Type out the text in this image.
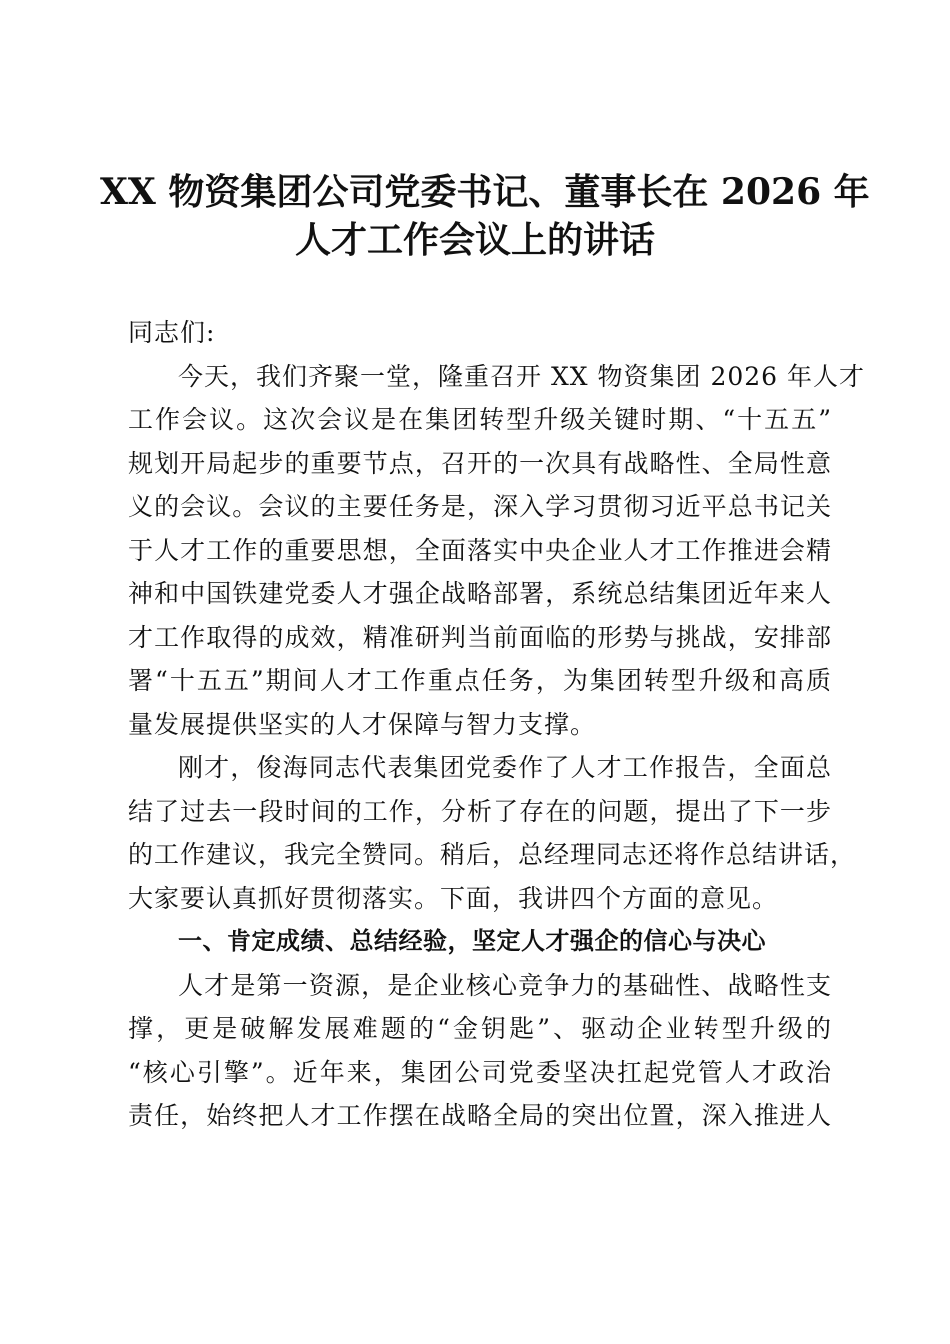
XX 物资集团公司党委书记、董事长在 2026 年
人才工作会议上的讲话
同志们:
今天，我们齐聚一堂，隆重召开 XX 物资集团 2026 年人才
工作会议。这次会议是在集团转型升级关键时期、“十五五”
规划开局起步的重要节点，召开的一次具有战略性、全局性意
义的会议。会议的主要任务是，深入学习贯彻习近平总书记关
于人才工作的重要思想，全面落实中央企业人才工作推进会精
神和中国铁建党委人才强企战略部署，系统总结集团近年来人
才工作取得的成效，精准研判当前面临的形势与挑战，安排部
署“十五五”期间人才工作重点任务，为集团转型升级和高质
量发展提供坚实的人才保障与智力支撑。
刚才，俊海同志代表集团党委作了人才工作报告，全面总
结了过去一段时间的工作，分析了存在的问题，提出了下一步
的工作建议，我完全赞同。稍后，总经理同志还将作总结讲话，
大家要认真抓好贯彻落实。下面，我讲四个方面的意见。
一、肯定成绩、总结经验，坚定人才强企的信心与决心
人才是第一资源，是企业核心竞争力的基础性、战略性支
撑，更是破解发展难题的“金钥匙”、驱动企业转型升级的
“核心引擎”。近年来，集团公司党委坚决扛起党管人才政治
责任，始终把人才工作摆在战略全局的突出位置，深入推进人
